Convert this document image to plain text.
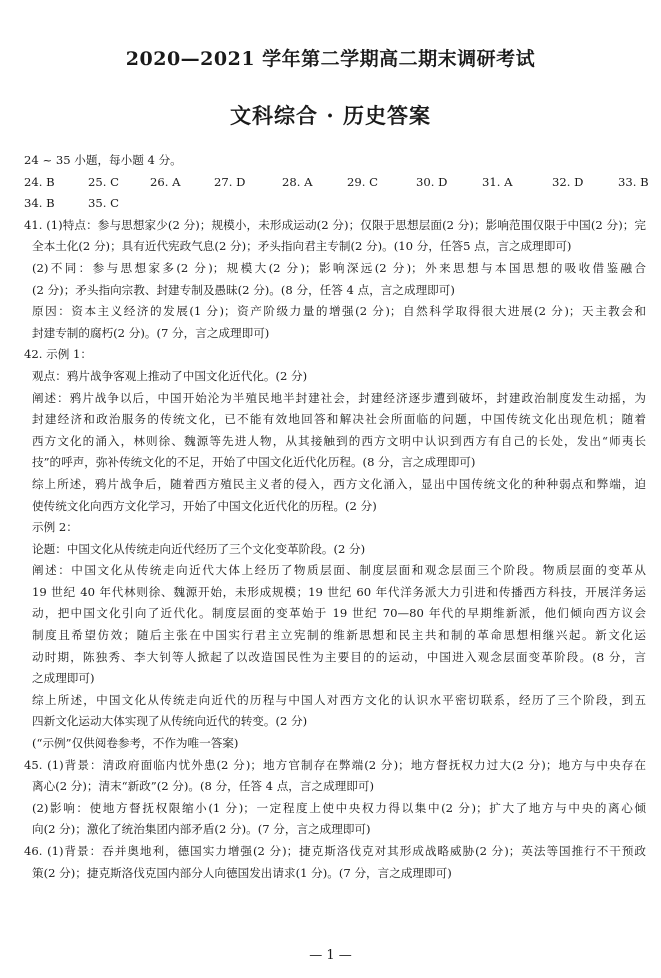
2020—2021 学年第二学期高二期末调研考试
文科综合 · 历史答案
24 ~ 35 小题，每小题 4 分。
24. B	25. C	26. A	27. D	28. A	29. C	30. D	31. A	32. D	33. B
34. B	35. C
41. (1)特点：参与思想家少(2 分)；规模小，未形成运动(2 分)；仅限于思想层面(2 分)；影响范围仅限于中国(2 分)；完
全本土化(2 分)；具有近代宪政气息(2 分)；矛头指向君主专制(2 分)。(10 分，任答5 点，言之成理即可)
(2)不同：参与思想家多(2 分)；规模大(2 分)；影响深远(2 分)；外来思想与本国思想的吸收借鉴融合
(2 分)；矛头指向宗教、封建专制及愚昧(2 分)。(8 分，任答 4 点，言之成理即可)
原因：资本主义经济的发展(1 分)；资产阶级力量的增强(2 分)；自然科学取得很大进展(2 分)；天主教会和
封建专制的腐朽(2 分)。(7 分，言之成理即可)
42. 示例 1：
观点：鸦片战争客观上推动了中国文化近代化。(2 分)
阐述：鸦片战争以后，中国开始沦为半殖民地半封建社会，封建经济逐步遭到破坏，封建政治制度发生动摇，为
封建经济和政治服务的传统文化，已不能有效地回答和解决社会所面临的问题，中国传统文化出现危机；随着
西方文化的涌入，林则徐、魏源等先进人物，从其接触到的西方文明中认识到西方有自己的长处，发出“师夷长
技”的呼声，弥补传统文化的不足，开始了中国文化近代化历程。(8 分，言之成理即可)
综上所述，鸦片战争后，随着西方殖民主义者的侵入，西方文化涌入，显出中国传统文化的种种弱点和弊端，迫
使传统文化向西方文化学习，开始了中国文化近代化的历程。(2 分)
示例 2：
论题：中国文化从传统走向近代经历了三个文化变革阶段。(2 分)
阐述：中国文化从传统走向近代大体上经历了物质层面、制度层面和观念层面三个阶段。物质层面的变革从
19 世纪 40 年代林则徐、魏源开始，未形成规模；19 世纪 60 年代洋务派大力引进和传播西方科技，开展洋务运
动，把中国文化引向了近代化。制度层面的变革始于 19 世纪 70—80 年代的早期维新派，他们倾向西方议会
制度且希望仿效；随后主张在中国实行君主立宪制的维新思想和民主共和制的革命思想相继兴起。新文化运
动时期，陈独秀、李大钊等人掀起了以改造国民性为主要目的的运动，中国进入观念层面变革阶段。(8 分，言
之成理即可)
综上所述，中国文化从传统走向近代的历程与中国人对西方文化的认识水平密切联系，经历了三个阶段，到五
四新文化运动大体实现了从传统向近代的转变。(2 分)
(“示例”仅供阅卷参考，不作为唯一答案)
45. (1)背景：清政府面临内忧外患(2 分)；地方官制存在弊端(2 分)；地方督抚权力过大(2 分)；地方与中央存在
离心(2 分)；清末“新政”(2 分)。(8 分，任答 4 点，言之成理即可)
(2)影响：使地方督抚权限缩小(1 分)；一定程度上使中央权力得以集中(2 分)；扩大了地方与中央的离心倾
向(2 分)；激化了统治集团内部矛盾(2 分)。(7 分，言之成理即可)
46. (1)背景：吞并奥地利，德国实力增强(2 分)；捷克斯洛伐克对其形成战略威胁(2 分)；英法等国推行不干预政
策(2 分)；捷克斯洛伐克国内部分人向德国发出请求(1 分)。(7 分，言之成理即可)
— 1 —
